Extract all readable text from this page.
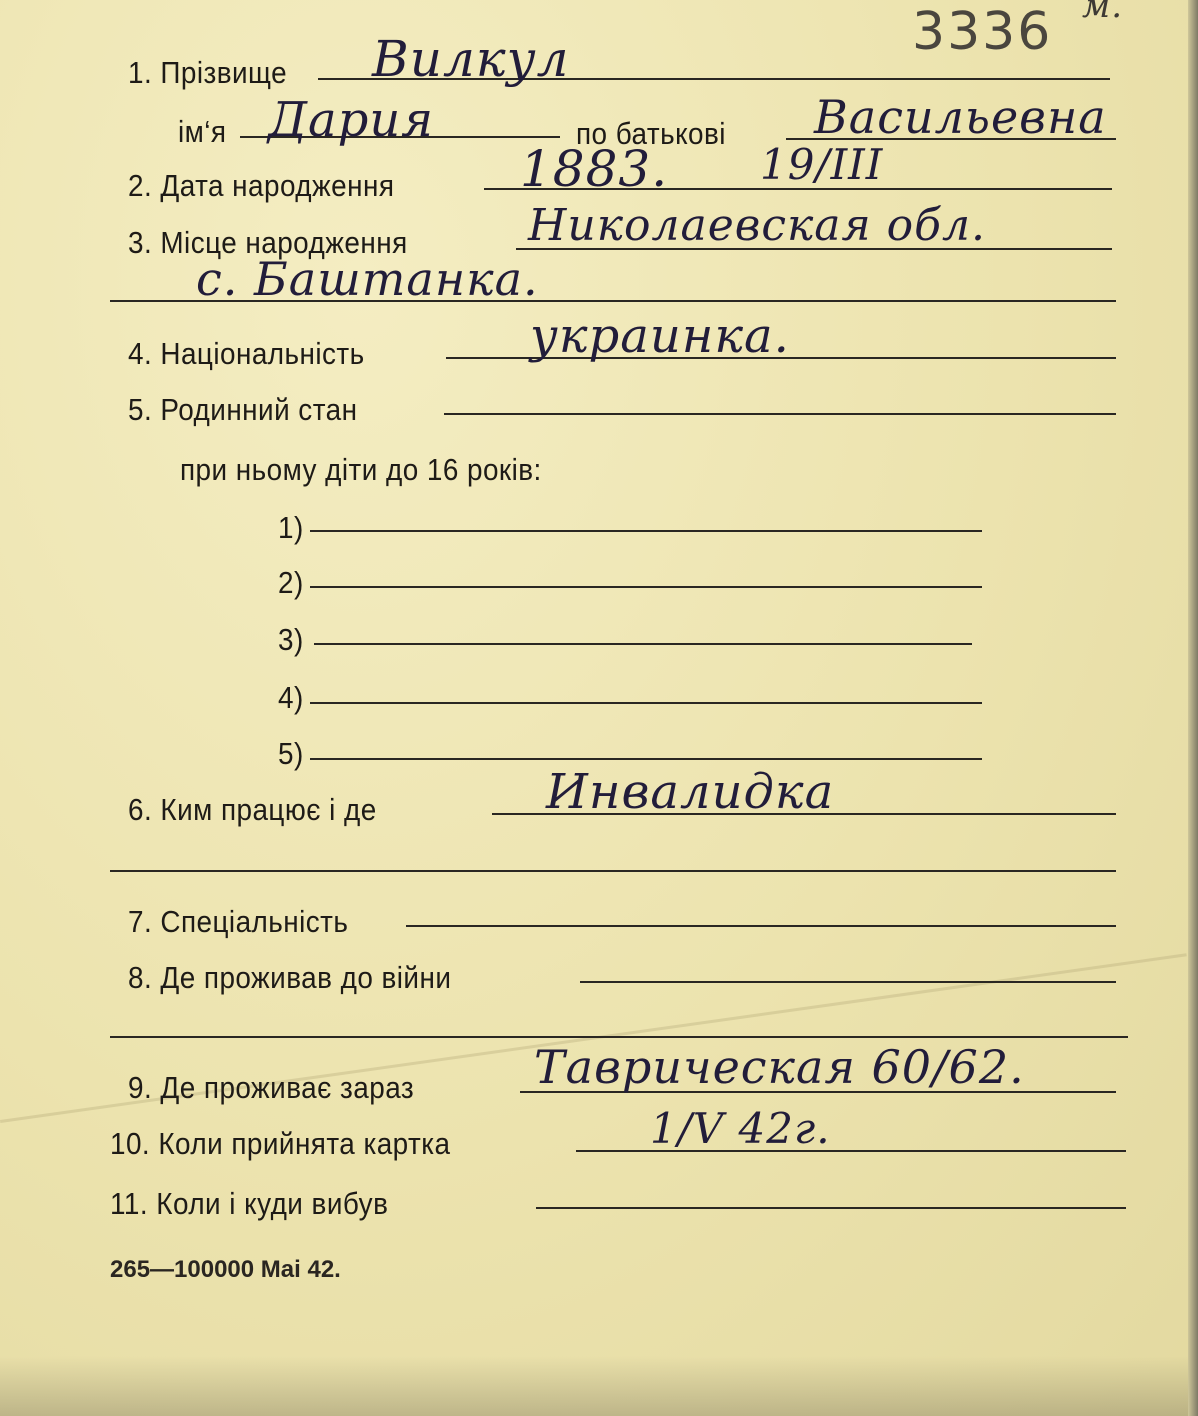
3336 м.
1. Прізвище Вилкул
ім‘я Дария	по батькові Васильевна
2. Дата народження	1883. 19/III
3. Місце народження	Николаевская обл.
с. Баштанка.
4. Національність	украинка.
5. Родинний стан
при ньому діти до 16 років:
1)
2)
3)
4)
5)
6. Ким працює і де	Инвалидка
7. Спеціальність
8. Де проживав до війни
9. Де проживає зараз	Таврическая 60/62.
10. Коли прийнята картка	1/V 42г.
11. Коли і куди вибув
265—100000 Mai 42.
